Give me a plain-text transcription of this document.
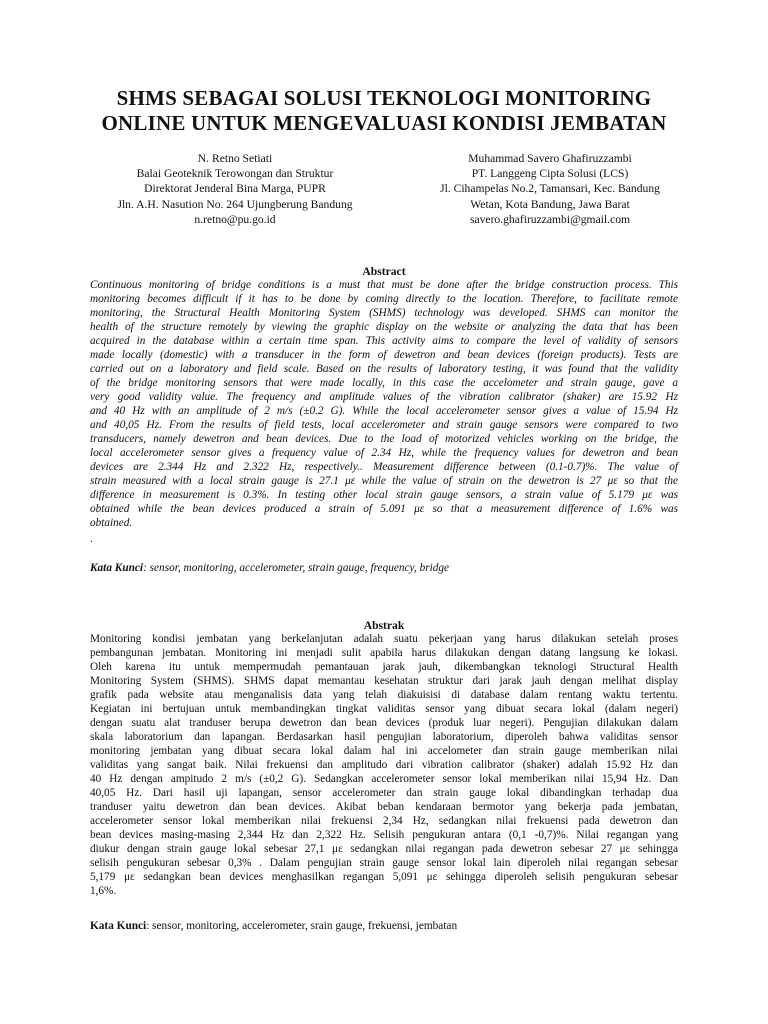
SHMS SEBAGAI SOLUSI TEKNOLOGI MONITORING
ONLINE UNTUK MENGEVALUASI KONDISI JEMBATAN
N. Retno Setiati
Balai Geoteknik Terowongan dan Struktur
Direktorat Jenderal Bina Marga, PUPR
Jln. A.H. Nasution No. 264 Ujungberung Bandung
n.retno@pu.go.id
Muhammad Savero Ghafiruzzambi
PT. Langgeng Cipta Solusi (LCS)
Jl. Cihampelas No.2, Tamansari, Kec. Bandung
Wetan, Kota Bandung, Jawa Barat
savero.ghafiruzzambi@gmail.com
Abstract
Continuous monitoring of bridge conditions is a must that must be done after the bridge construction process. This
monitoring becomes difficult if it has to be done by coming directly to the location. Therefore, to facilitate remote
monitoring, the Structural Health Monitoring System (SHMS) technology was developed. SHMS can monitor the
health of the structure remotely by viewing the graphic display on the website or analyzing the data that has been
acquired in the database within a certain time span. This activity aims to compare the level of validity of sensors
made locally (domestic) with a transducer in the form of dewetron and bean devices (foreign products). Tests are
carried out on a laboratory and field scale. Based on the results of laboratory testing, it was found that the validity
of the bridge monitoring sensors that were made locally, in this case the accelometer and strain gauge, gave a
very good validity value. The frequency and amplitude values of the vibration calibrator (shaker) are 15.92 Hz
and 40 Hz with an amplitude of 2 m/s (±0.2 G). While the local accelerometer sensor gives a value of 15.94 Hz
and 40,05 Hz. From the results of field tests, local accelerometer and strain gauge sensors were compared to two
transducers, namely dewetron and bean devices. Due to the load of motorized vehicles working on the bridge, the
local accelerometer sensor gives a frequency value of 2.34 Hz, while the frequency values for dewetron and bean
devices are 2.344 Hz and 2.322 Hz, respectively.. Measurement difference between (0.1-0.7)%. The value of
strain measured with a local strain gauge is 27.1 με while the value of strain on the dewetron is 27 με so that the
difference in measurement is 0.3%. In testing other local strain gauge sensors, a strain value of 5.179 με was
obtained while the bean devices produced a strain of 5.091 με so that a measurement difference of 1.6% was
obtained.
.
Kata Kunci: sensor, monitoring, accelerometer, strain gauge, frequency, bridge
Abstrak
Monitoring kondisi jembatan yang berkelanjutan adalah suatu pekerjaan yang harus dilakukan setelah proses
pembangunan jembatan. Monitoring ini menjadi sulit apabila harus dilakukan dengan datang langsung ke lokasi.
Oleh karena itu untuk mempermudah pemantauan jarak jauh, dikembangkan teknologi Structural Health
Monitoring System (SHMS). SHMS dapat memantau kesehatan struktur dari jarak jauh dengan melihat display
grafik pada website atau menganalisis data yang telah diakuisisi di database dalam rentang waktu tertentu.
Kegiatan ini bertujuan untuk membandingkan tingkat validitas sensor yang dibuat secara lokal (dalam negeri)
dengan suatu alat tranduser berupa dewetron dan bean devices (produk luar negeri). Pengujian dilakukan dalam
skala laboratorium dan lapangan. Berdasarkan hasil pengujian laboratorium, diperoleh bahwa validitas sensor
monitoring jembatan yang dibuat secara lokal dalam hal ini accelometer dan strain gauge memberikan nilai
validitas yang sangat baik. Nilai frekuensi dan amplitudo dari vibration calibrator (shaker) adalah 15.92 Hz dan
40 Hz dengan ampitudo 2 m/s (±0,2 G). Sedangkan accelerometer sensor lokal memberikan nilai 15,94 Hz. Dan
40,05 Hz. Dari hasil uji lapangan, sensor accelerometer dan strain gauge lokal dibandingkan terhadap dua
tranduser yaitu dewetron dan bean devices. Akibat beban kendaraan bermotor yang bekerja pada jembatan,
accelerometer sensor lokal memberikan nilai frekuensi 2,34 Hz, sedangkan nilai frekuensi pada dewetron dan
bean devices masing-masing 2,344 Hz dan 2,322 Hz. Selisih pengukuran antara (0,1 -0,7)%. Nilai regangan yang
diukur dengan strain gauge lokal sebesar 27,1 με sedangkan nilai regangan pada dewetron sebesar 27 με sehingga
selisih pengukuran sebesar 0,3% . Dalam pengujian strain gauge sensor lokal lain diperoleh nilai regangan sebesar
5,179 με sedangkan bean devices menghasilkan regangan 5,091 με sehingga diperoleh selisih pengukuran sebesar
1,6%.
Kata Kunci: sensor, monitoring, accelerometer, srain gauge, frekuensi, jembatan
